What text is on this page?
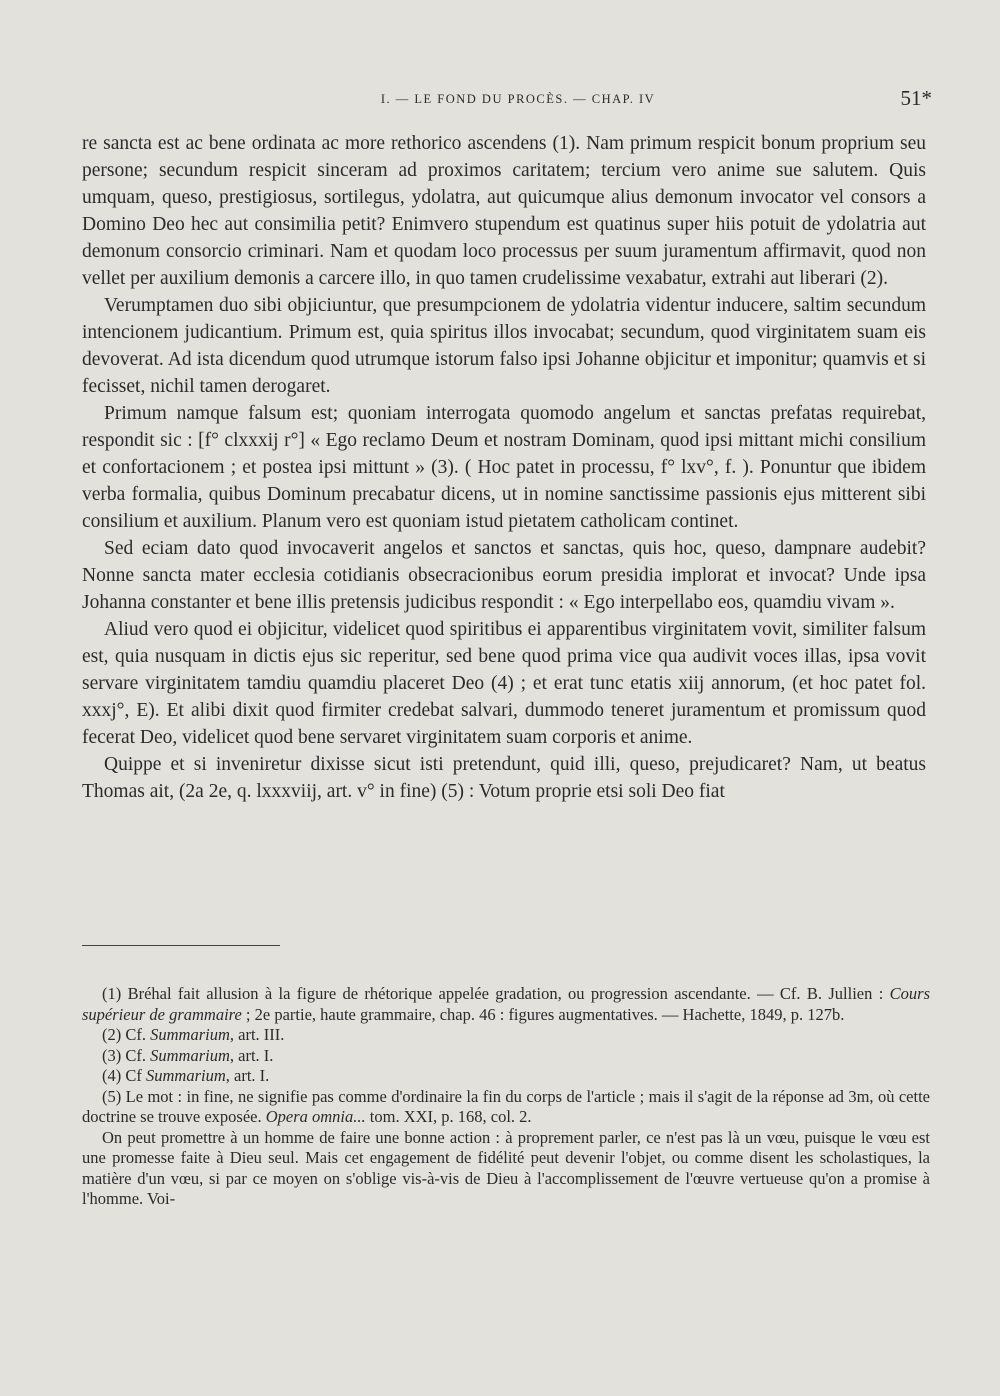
I. — LE FOND DU PROCÈS. — CHAP. IV	51*

re sancta est ac bene ordinata ac more rethorico ascendens (1). Nam primum respicit bonum proprium seu persone; secundum respicit sinceram ad proximos caritatem; tercium vero anime sue salutem. Quis umquam, queso, prestigiosus, sortilegus, ydolatra, aut quicumque alius demonum invocator vel consors a Domino Deo hec aut consimilia petit? Enimvero stupendum est quatinus super hiis potuit de ydolatria aut demonum consorcio criminari. Nam et quodam loco processus per suum juramentum affirmavit, quod non vellet per auxilium demonis a carcere illo, in quo tamen crudelissime vexabatur, extrahi aut liberari (2).

Verumptamen duo sibi objiciuntur, que presumpcionem de ydolatria videntur inducere, saltim secundum intencionem judicantium. Primum est, quia spiritus illos invocabat; secundum, quod virginitatem suam eis devoverat. Ad ista dicendum quod utrumque istorum falso ipsi Johanne objicitur et imponitur; quamvis et si fecisset, nichil tamen derogaret.

Primum namque falsum est; quoniam interrogata quomodo angelum et sanctas prefatas requirebat, respondit sic : [f° clxxxij r°] « Ego reclamo Deum et nostram Dominam, quod ipsi mittant michi consilium et confortacionem ; et postea ipsi mittunt » (3). ( Hoc patet in processu, f° lxv°, f. ). Ponuntur que ibidem verba formalia, quibus Dominum precabatur dicens, ut in nomine sanctissime passionis ejus mitterent sibi consilium et auxilium. Planum vero est quoniam istud pietatem catholicam continet.

Sed eciam dato quod invocaverit angelos et sanctos et sanctas, quis hoc, queso, dampnare audebit? Nonne sancta mater ecclesia cotidianis obsecracionibus eorum presidia implorat et invocat? Unde ipsa Johanna constanter et bene illis pretensis judicibus respondit : « Ego interpellabo eos, quamdiu vivam ».

Aliud vero quod ei objicitur, videlicet quod spiritibus ei apparentibus virginitatem vovit, similiter falsum est, quia nusquam in dictis ejus sic reperitur, sed bene quod prima vice qua audivit voces illas, ipsa vovit servare virginitatem tamdiu quamdiu placeret Deo (4) ; et erat tunc etatis xiij annorum, (et hoc patet fol. xxxj°, E). Et alibi dixit quod firmiter credebat salvari, dummodo teneret juramentum et promissum quod fecerat Deo, videlicet quod bene servaret virginitatem suam corporis et anime.

Quippe et si inveniretur dixisse sicut isti pretendunt, quid illi, queso, prejudicaret? Nam, ut beatus Thomas ait, (2a 2e, q. lxxxviij, art. v° in fine) (5) : Votum proprie etsi soli Deo fiat

(1) Bréhal fait allusion à la figure de rhétorique appelée gradation, ou progression ascendante. — Cf. B. Jullien : Cours supérieur de grammaire ; 2e partie, haute grammaire, chap. 46 : figures augmentatives. — Hachette, 1849, p. 127b.

(2) Cf. Summarium, art. III.

(3) Cf. Summarium, art. I.

(4) Cf Summarium, art. I.

(5) Le mot : in fine, ne signifie pas comme d'ordinaire la fin du corps de l'article ; mais il s'agit de la réponse ad 3m, où cette doctrine se trouve exposée. Opera omnia... tom. XXI, p. 168, col. 2.

On peut promettre à un homme de faire une bonne action : à proprement parler, ce n'est pas là un vœu, puisque le vœu est une promesse faite à Dieu seul. Mais cet engagement de fidélité peut devenir l'objet, ou comme disent les scholastiques, la matière d'un vœu, si par ce moyen on s'oblige vis-à-vis de Dieu à l'accomplissement de l'œuvre vertueuse qu'on a promise à l'homme. Voi-
